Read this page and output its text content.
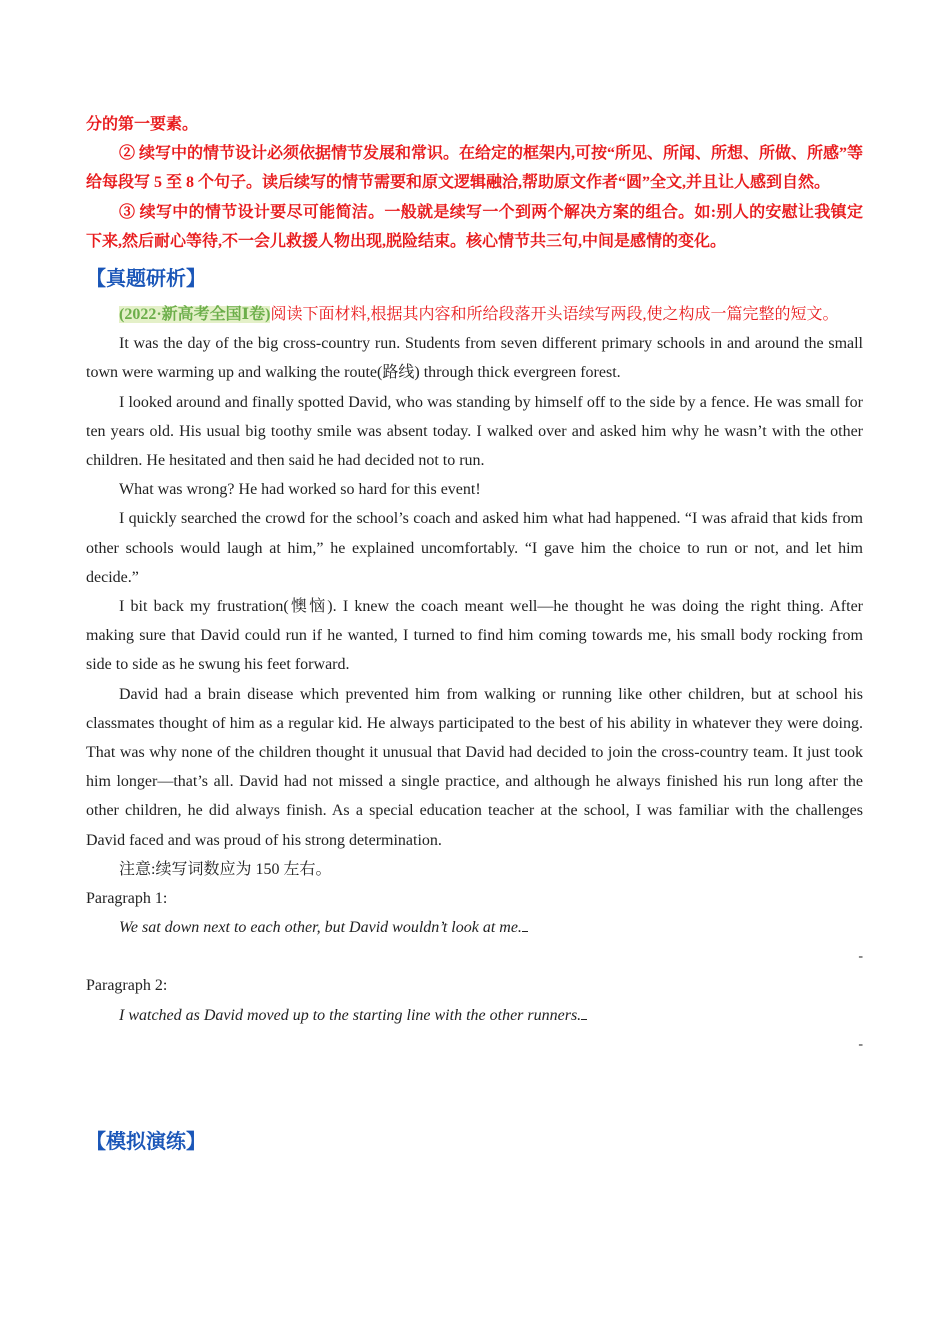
分的第一要素。

② 续写中的情节设计必须依据情节发展和常识。在给定的框架内,可按“所见、所闻、所想、所做、所感”等给每段写 5 至 8 个句子。读后续写的情节需要和原文逻辑融洽,帮助原文作者“圆”全文,并且让人感到自然。

③ 续写中的情节设计要尽可能简洁。一般就是续写一个到两个解决方案的组合。如:别人的安慰让我镇定下来,然后耐心等待,不一会儿救援人物出现,脱险结束。核心情节共三句,中间是感情的变化。

【真题研析】

(2022·新高考全国Ⅰ卷)阅读下面材料,根据其内容和所给段落开头语续写两段,使之构成一篇完整的短文。

It was the day of the big cross-country run. Students from seven different primary schools in and around the small town were warming up and walking the route(路线) through thick evergreen forest.

I looked around and finally spotted David, who was standing by himself off to the side by a fence. He was small for ten years old. His usual big toothy smile was absent today. I walked over and asked him why he wasn’t with the other children. He hesitated and then said he had decided not to run.

What was wrong? He had worked so hard for this event!

I quickly searched the crowd for the school’s coach and asked him what had happened. “I was afraid that kids from other schools would laugh at him,” he explained uncomfortably. “I gave him the choice to run or not, and let him decide.”

I bit back my frustration(懊恼). I knew the coach meant well—he thought he was doing the right thing. After making sure that David could run if he wanted, I turned to find him coming towards me, his small body rocking from side to side as he swung his feet forward.

David had a brain disease which prevented him from walking or running like other children, but at school his classmates thought of him as a regular kid. He always participated to the best of his ability in whatever they were doing. That was why none of the children thought it unusual that David had decided to join the cross-country team. It just took him longer—that’s all. David had not missed a single practice, and although he always finished his run long after the other children, he did always finish. As a special education teacher at the school, I was familiar with the challenges David faced and was proud of his strong determination.

注意:续写词数应为 150 左右。

Paragraph 1:

We sat down next to each other, but David wouldn’t look at me.

-

Paragraph 2:

I watched as David moved up to the starting line with the other runners.

-

【模拟演练】
